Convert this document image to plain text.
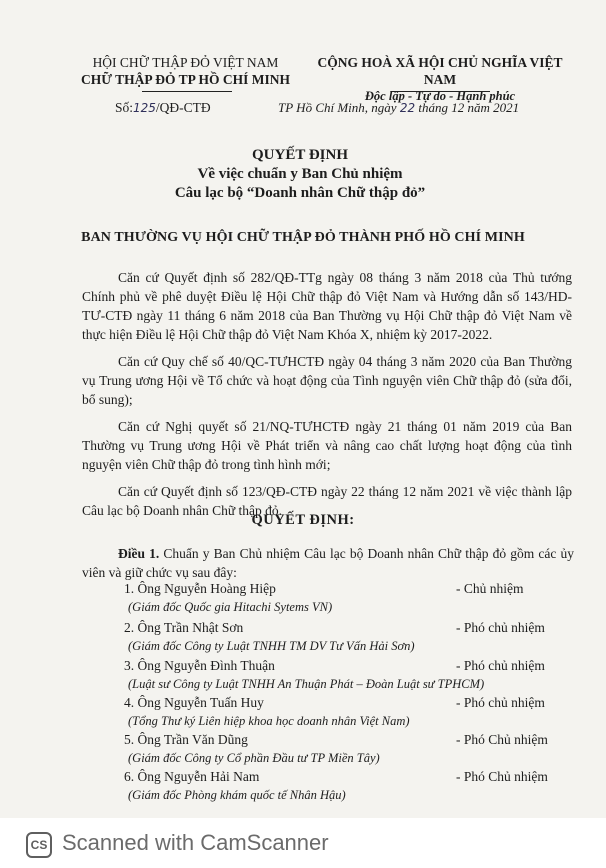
HỘI CHỮ THẬP ĐỎ VIỆT NAM
CHỮ THẬP ĐỎ TP HỒ CHÍ MINH
CỘNG HOÀ XÃ HỘI CHỦ NGHĨA VIỆT NAM
Độc lập - Tự do - Hạnh phúc
Số:125/QĐ-CTĐ	TP Hồ Chí Minh, ngày 22 tháng 12 năm 2021
QUYẾT ĐỊNH
Về việc chuẩn y Ban Chủ nhiệm
Câu lạc bộ “Doanh nhân Chữ thập đỏ”
BAN THƯỜNG VỤ HỘI CHỮ THẬP ĐỎ THÀNH PHỐ HỒ CHÍ MINH

Căn cứ Quyết định số 282/QĐ-TTg ngày 08 tháng 3 năm 2018 của Thủ tướng Chính phủ về phê duyệt Điều lệ Hội Chữ thập đỏ Việt Nam và Hướng dẫn số 143/HD-TƯ-CTĐ ngày 11 tháng 6 năm 2018 của Ban Thường vụ Hội Chữ thập đỏ Việt Nam về thực hiện Điều lệ Hội Chữ thập đỏ Việt Nam Khóa X, nhiệm kỳ 2017-2022.

Căn cứ Quy chế số 40/QC-TƯHCTĐ ngày 04 tháng 3 năm 2020 của Ban Thường vụ Trung ương Hội về Tổ chức và hoạt động của Tình nguyện viên Chữ thập đỏ (sửa đổi, bổ sung);

Căn cứ Nghị quyết số 21/NQ-TƯHCTĐ ngày 21 tháng 01 năm 2019 của Ban Thường vụ Trung ương Hội về Phát triển và nâng cao chất lượng hoạt động của tình nguyện viên Chữ thập đỏ trong tình hình mới;

Căn cứ Quyết định số 123/QĐ-CTĐ ngày 22 tháng 12 năm 2021 về việc thành lập Câu lạc bộ Doanh nhân Chữ thập đỏ.

QUYẾT ĐỊNH:
Điều 1. Chuẩn y Ban Chủ nhiệm Câu lạc bộ Doanh nhân Chữ thập đỏ gồm các ủy viên và giữ chức vụ sau đây:
1. Ông Nguyễn Hoàng Hiệp	- Chủ nhiệm
(Giám đốc Quốc gia Hitachi Sytems VN)
2. Ông Trần Nhật Sơn	- Phó chủ nhiệm
(Giám đốc Công ty Luật TNHH TM DV Tư Vấn Hải Sơn)
3. Ông Nguyễn Đình Thuận	- Phó chủ nhiệm
(Luật sư Công ty Luật TNHH An Thuận Phát – Đoàn Luật sư TPHCM)
4. Ông Nguyễn Tuấn Huy	- Phó chủ nhiệm
(Tổng Thư ký Liên hiệp khoa học doanh nhân Việt Nam)
5. Ông Trần Văn Dũng	- Phó Chủ nhiệm
(Giám đốc Công ty Cổ phần Đầu tư TP Miền Tây)
6. Ông Nguyễn Hải Nam	- Phó Chủ nhiệm
(Giám đốc Phòng khám quốc tế Nhân Hậu)
CS Scanned with CamScanner
